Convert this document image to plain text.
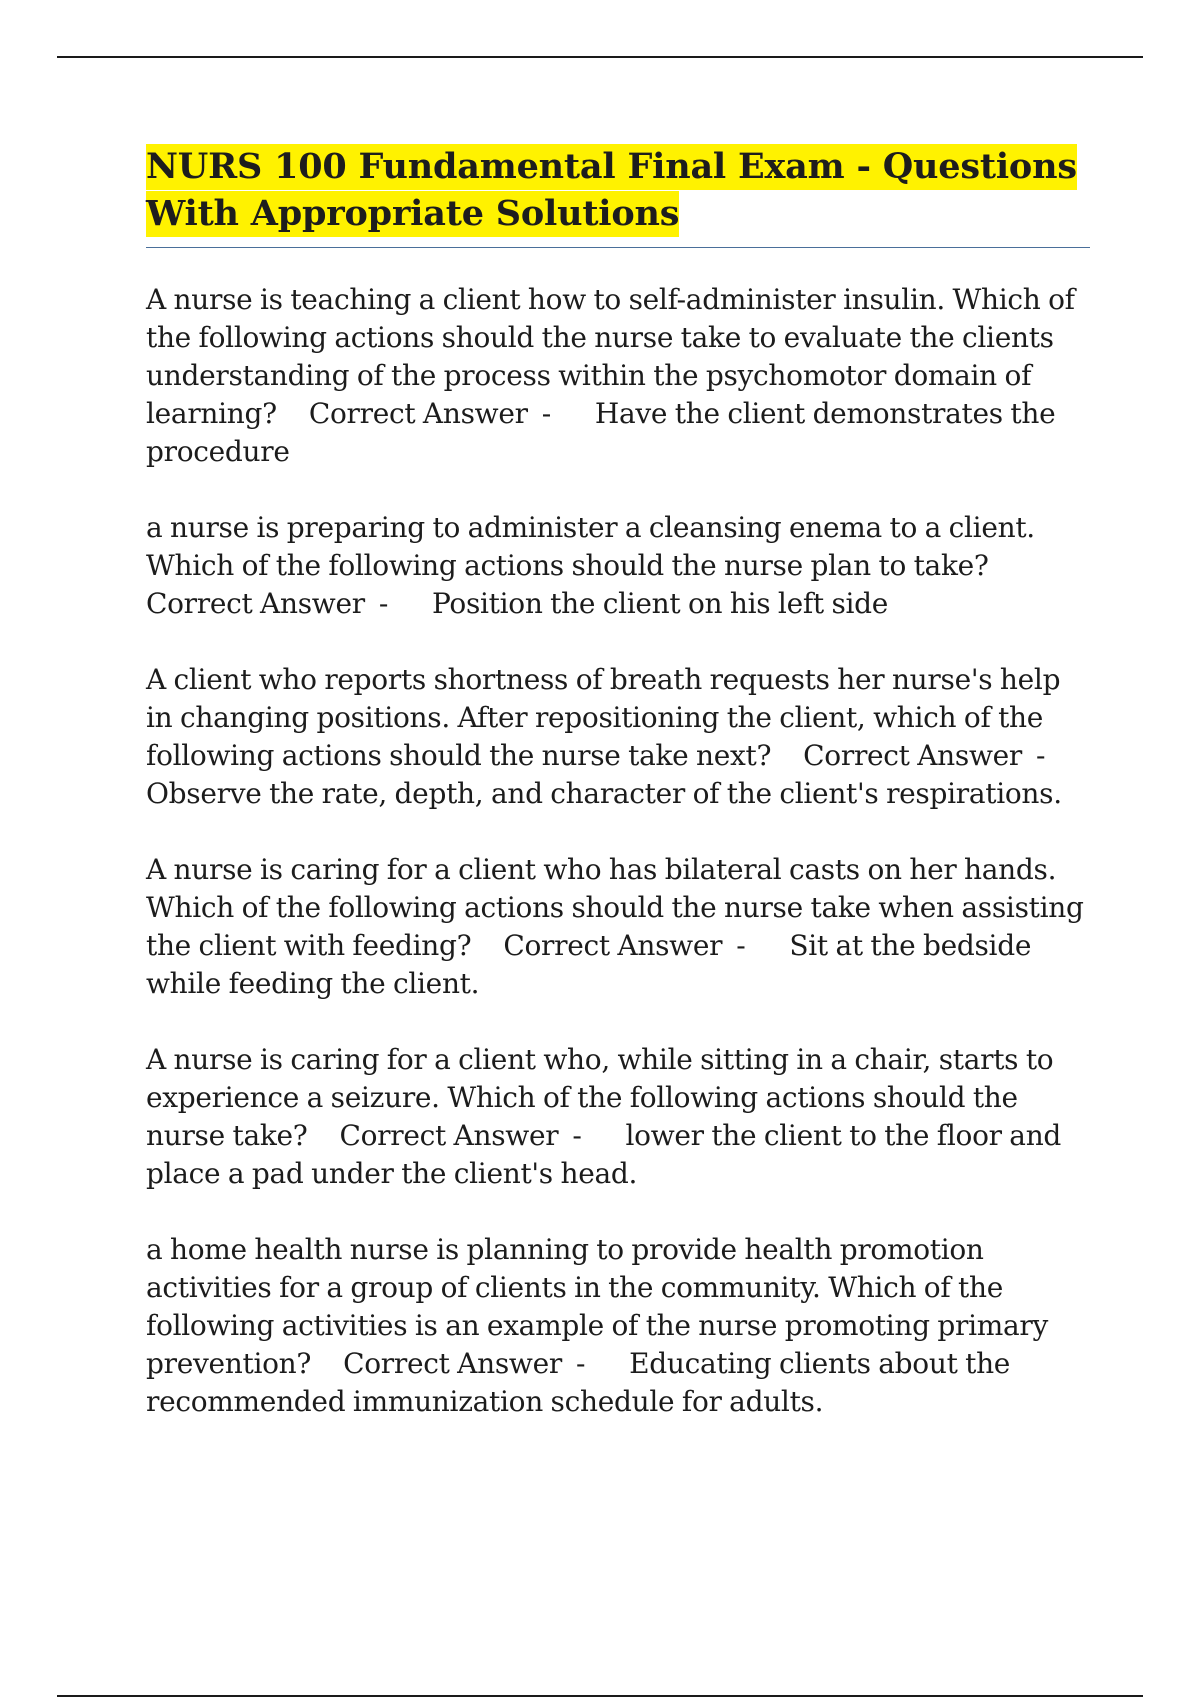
NURS 100 Fundamental Final Exam - Questions With Appropriate Solutions

A nurse is teaching a client how to self-administer insulin. Which of the following actions should the nurse take to evaluate the clients understanding of the process within the psychomotor domain of learning? Correct Answer - Have the client demonstrates the procedure

a nurse is preparing to administer a cleansing enema to a client. Which of the following actions should the nurse plan to take? Correct Answer - Position the client on his left side

A client who reports shortness of breath requests her nurse's help in changing positions. After repositioning the client, which of the following actions should the nurse take next? Correct Answer - Observe the rate, depth, and character of the client's respirations.

A nurse is caring for a client who has bilateral casts on her hands. Which of the following actions should the nurse take when assisting the client with feeding? Correct Answer - Sit at the bedside while feeding the client.

A nurse is caring for a client who, while sitting in a chair, starts to experience a seizure. Which of the following actions should the nurse take? Correct Answer - lower the client to the floor and place a pad under the client's head.

a home health nurse is planning to provide health promotion activities for a group of clients in the community. Which of the following activities is an example of the nurse promoting primary prevention? Correct Answer - Educating clients about the recommended immunization schedule for adults.
